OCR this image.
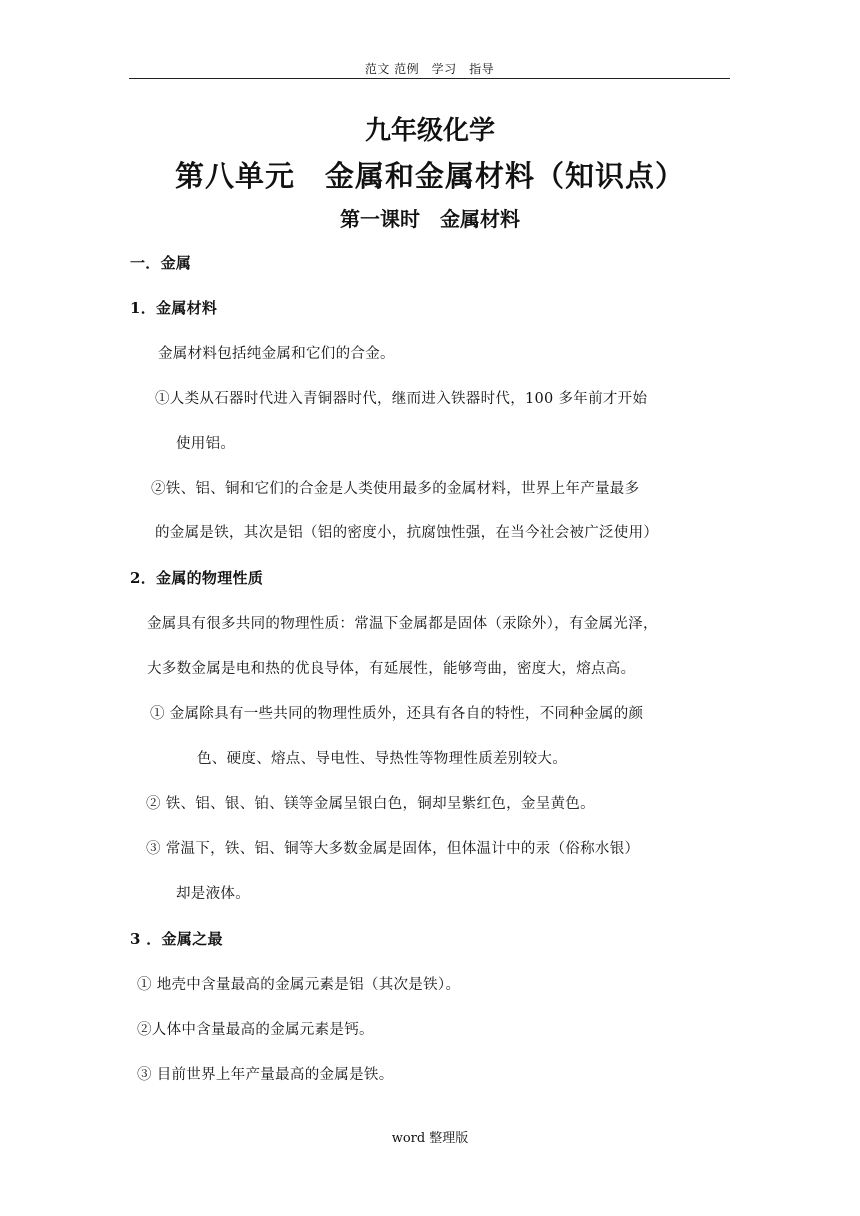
范文 范例　学习　指导
九年级化学
第八单元　金属和金属材料（知识点）
第一课时　金属材料
一．金属
1．金属材料
金属材料包括纯金属和它们的合金。
①人类从石器时代进入青铜器时代，继而进入铁器时代，100 多年前才开始
使用铝。
②铁、铝、铜和它们的合金是人类使用最多的金属材料，世界上年产量最多
的金属是铁，其次是铝（铝的密度小，抗腐蚀性强，在当今社会被广泛使用）
2．金属的物理性质
金属具有很多共同的物理性质：常温下金属都是固体（汞除外），有金属光泽，
大多数金属是电和热的优良导体，有延展性，能够弯曲，密度大，熔点高。
① 金属除具有一些共同的物理性质外，还具有各自的特性，不同种金属的颜
色、硬度、熔点、导电性、导热性等物理性质差别较大。
② 铁、铝、银、铂、镁等金属呈银白色，铜却呈紫红色，金呈黄色。
③ 常温下，铁、铝、铜等大多数金属是固体，但体温计中的汞（俗称水银）
却是液体。
3 ．金属之最
① 地壳中含量最高的金属元素是铝（其次是铁）。
②人体中含量最高的金属元素是钙。
③ 目前世界上年产量最高的金属是铁。
word 整理版
